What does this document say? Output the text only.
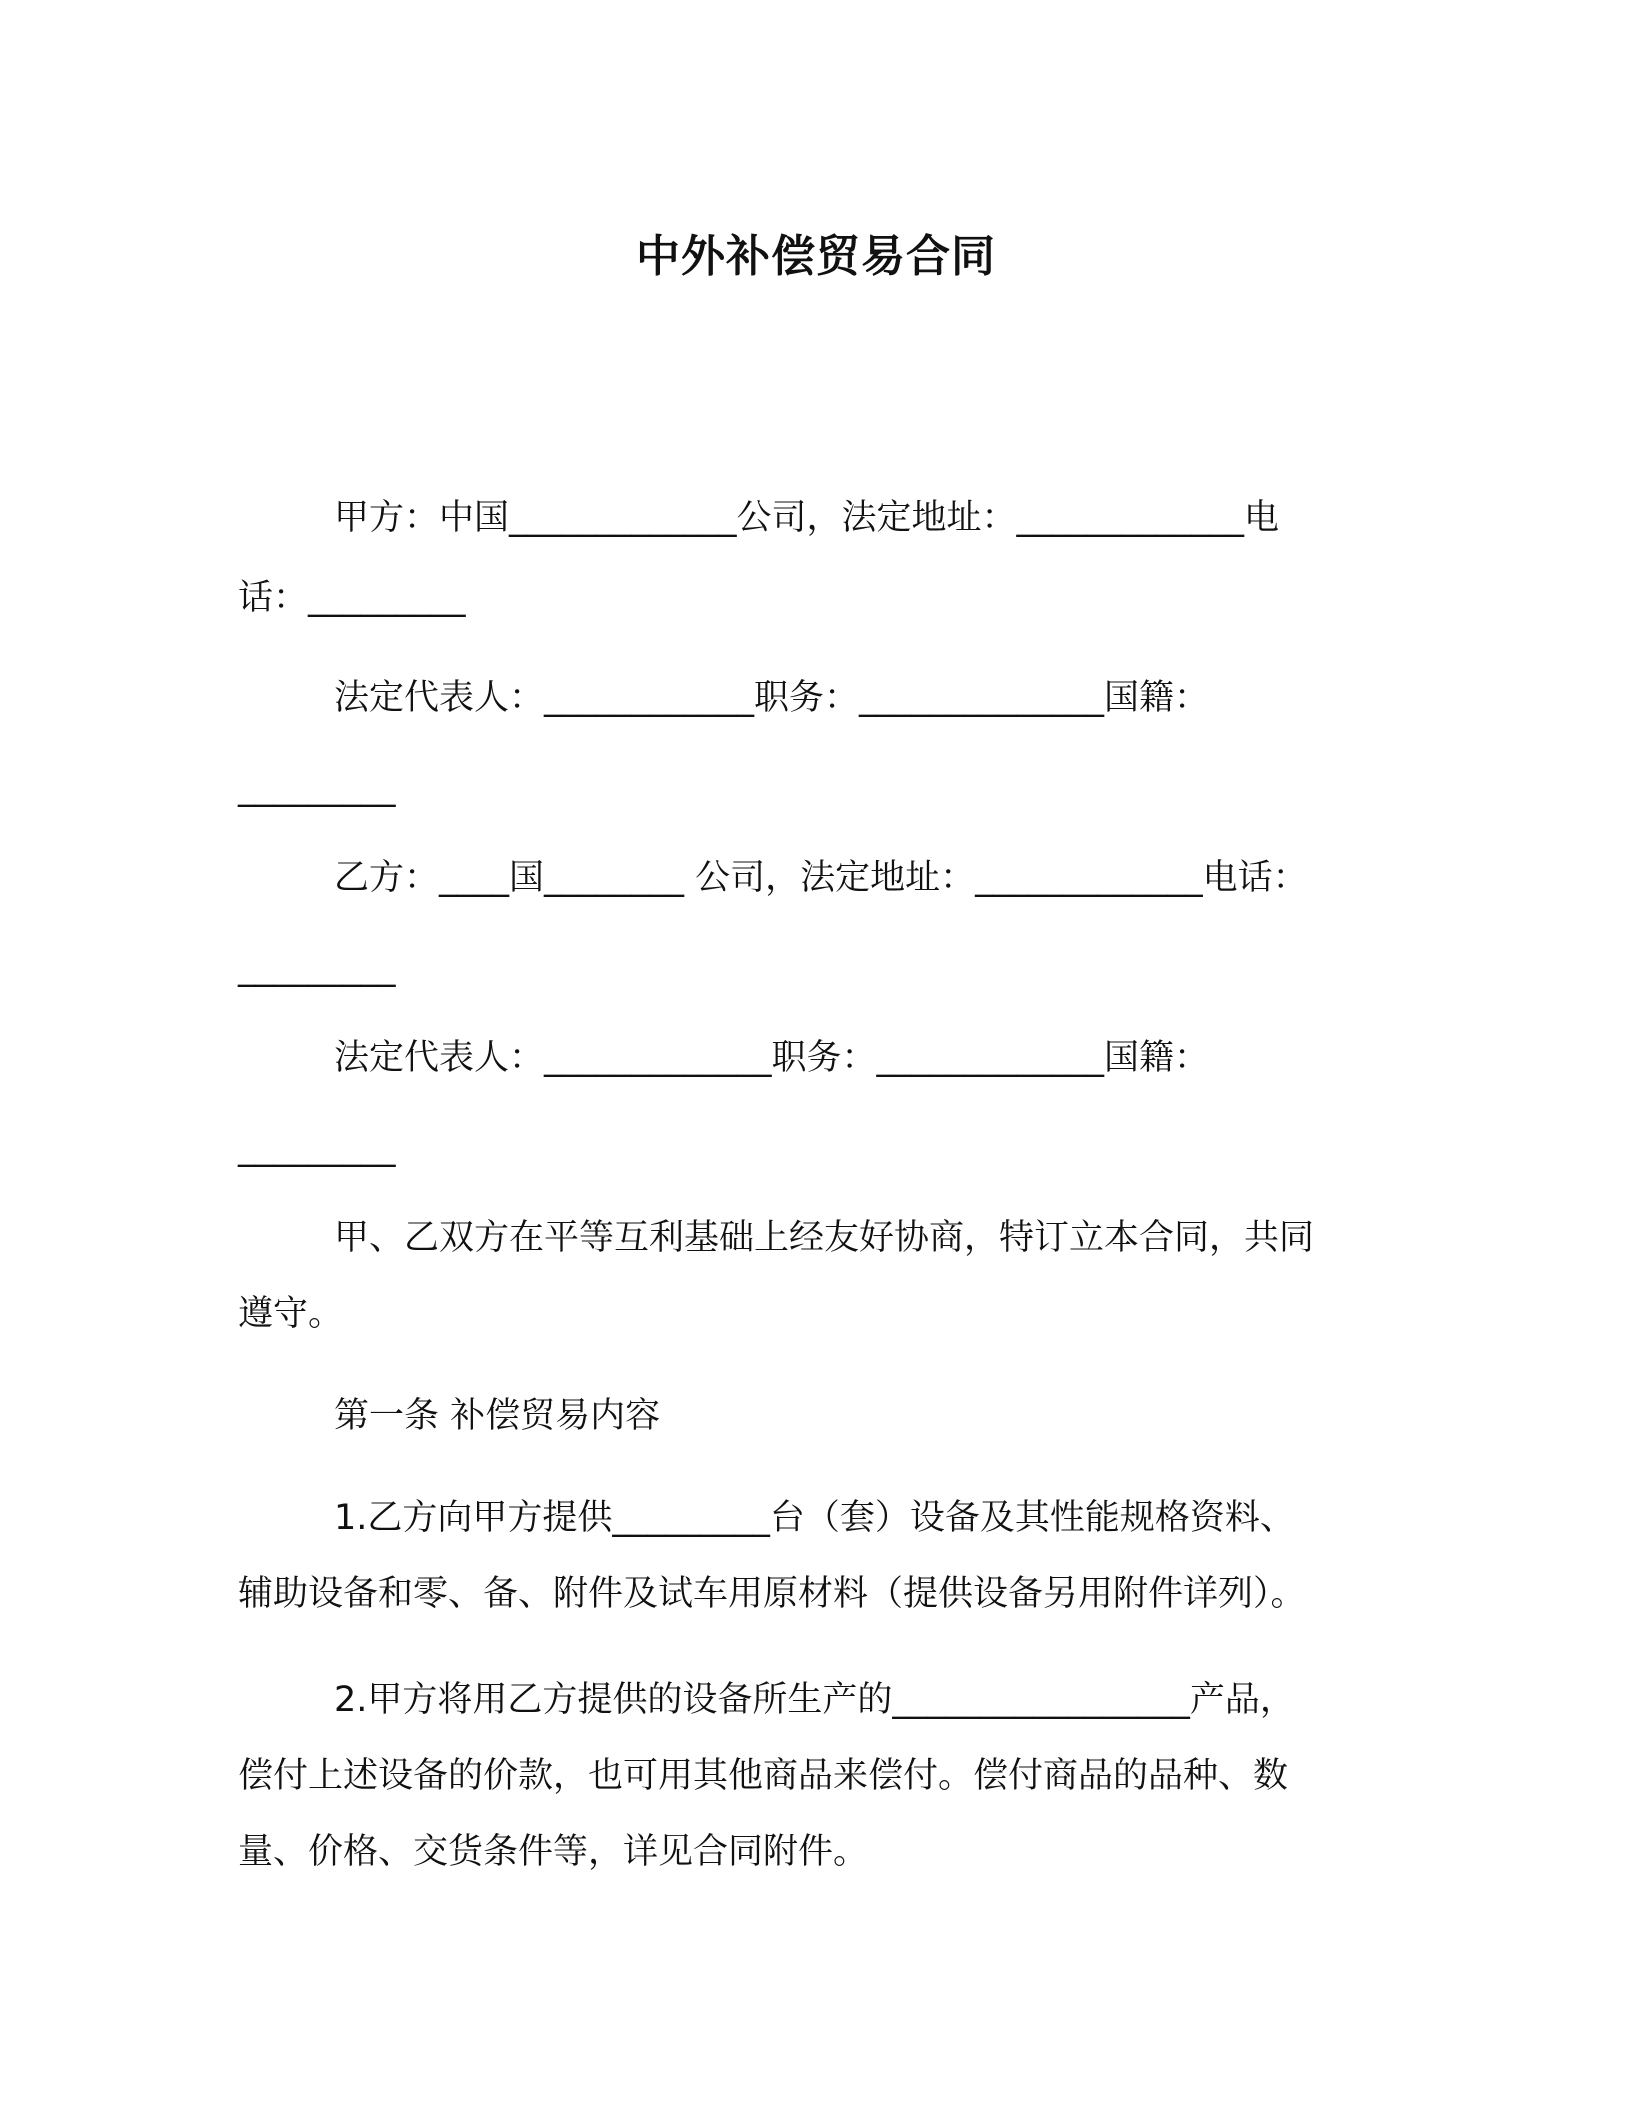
中外补偿贸易合同
甲方：中国_____________公司，法定地址：_____________电
话：_________
法定代表人：____________职务：______________国籍：
_________
乙方：____国________ 公司，法定地址：_____________电话：
_________
法定代表人：_____________职务：_____________国籍：
_________
甲、乙双方在平等互利基础上经友好协商，特订立本合同，共同
遵守。
第一条 补偿贸易内容
1.乙方向甲方提供_________台（套）设备及其性能规格资料、
辅助设备和零、备、附件及试车用原材料（提供设备另用附件详列）。
2.甲方将用乙方提供的设备所生产的_________________产品，
偿付上述设备的价款，也可用其他商品来偿付。偿付商品的品种、数
量、价格、交货条件等，详见合同附件。
